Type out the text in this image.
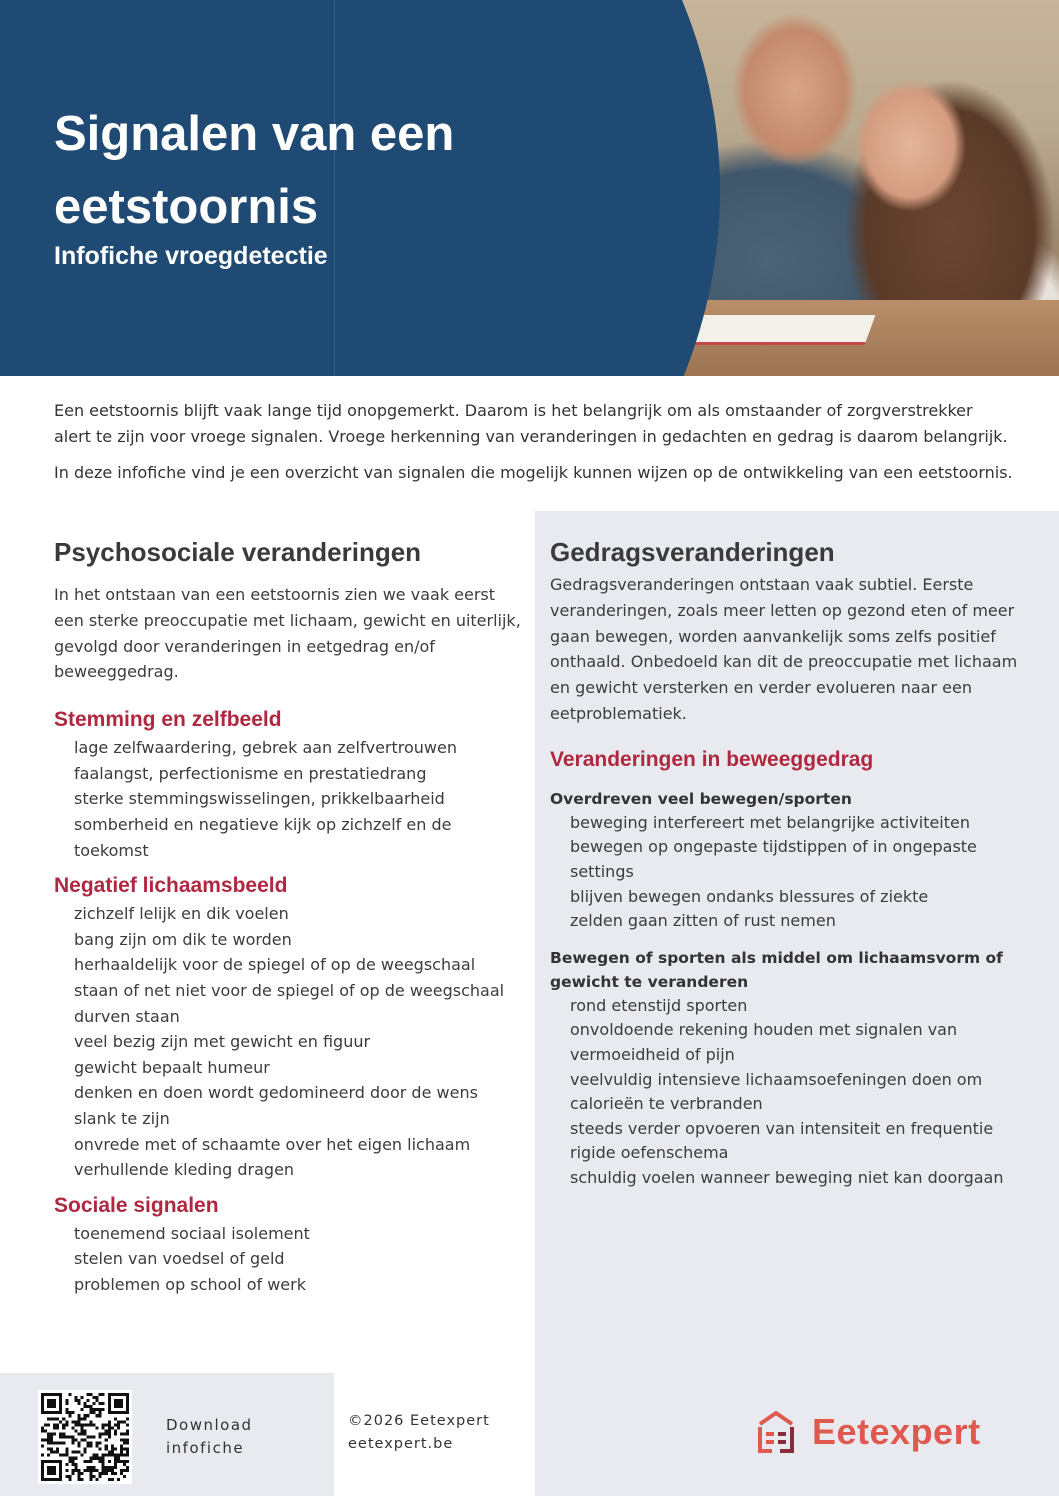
Signalen van een eetstoornis
Infofiche vroegdetectie

Een eetstoornis blijft vaak lange tijd onopgemerkt. Daarom is het belangrijk om als omstaander of zorgverstrekker alert te zijn voor vroege signalen. Vroege herkenning van veranderingen in gedachten en gedrag is daarom belangrijk.

In deze infofiche vind je een overzicht van signalen die mogelijk kunnen wijzen op de ontwikkeling van een eetstoornis.

Psychosociale veranderingen

In het ontstaan van een eetstoornis zien we vaak eerst een sterke preoccupatie met lichaam, gewicht en uiterlijk, gevolgd door veranderingen in eetgedrag en/of beweeggedrag.

Stemming en zelfbeeld
lage zelfwaardering, gebrek aan zelfvertrouwen
faalangst, perfectionisme en prestatiedrang
sterke stemmingswisselingen, prikkelbaarheid
somberheid en negatieve kijk op zichzelf en de toekomst
Negatief lichaamsbeeld
zichzelf lelijk en dik voelen
bang zijn om dik te worden
herhaaldelijk voor de spiegel of op de weegschaal
staan of net niet voor de spiegel of op de weegschaal durven staan
veel bezig zijn met gewicht en figuur
gewicht bepaalt humeur
denken en doen wordt gedomineerd door de wens slank te zijn
onvrede met of schaamte over het eigen lichaam
verhullende kleding dragen
Sociale signalen
toenemend sociaal isolement
stelen van voedsel of geld
problemen op school of werk
Gedragsveranderingen

Gedragsveranderingen ontstaan vaak subtiel. Eerste veranderingen, zoals meer letten op gezond eten of meer gaan bewegen, worden aanvankelijk soms zelfs positief onthaald. Onbedoeld kan dit de preoccupatie met lichaam en gewicht versterken en verder evolueren naar een eetproblematiek.

Veranderingen in beweeggedrag
Overdreven veel bewegen/sporten
beweging interfereert met belangrijke activiteiten
bewegen op ongepaste tijdstippen of in ongepaste settings
blijven bewegen ondanks blessures of ziekte
zelden gaan zitten of rust nemen
Bewegen of sporten als middel om lichaamsvorm of gewicht te veranderen
rond etenstijd sporten
onvoldoende rekening houden met signalen van vermoeidheid of pijn
veelvuldig intensieve lichaamsoefeningen doen om calorieën te verbranden
steeds verder opvoeren van intensiteit en frequentie
rigide oefenschema
schuldig voelen wanneer beweging niet kan doorgaan
Download
infofiche
©2026 Eetexpert
eetexpert.be	Eetexpert
